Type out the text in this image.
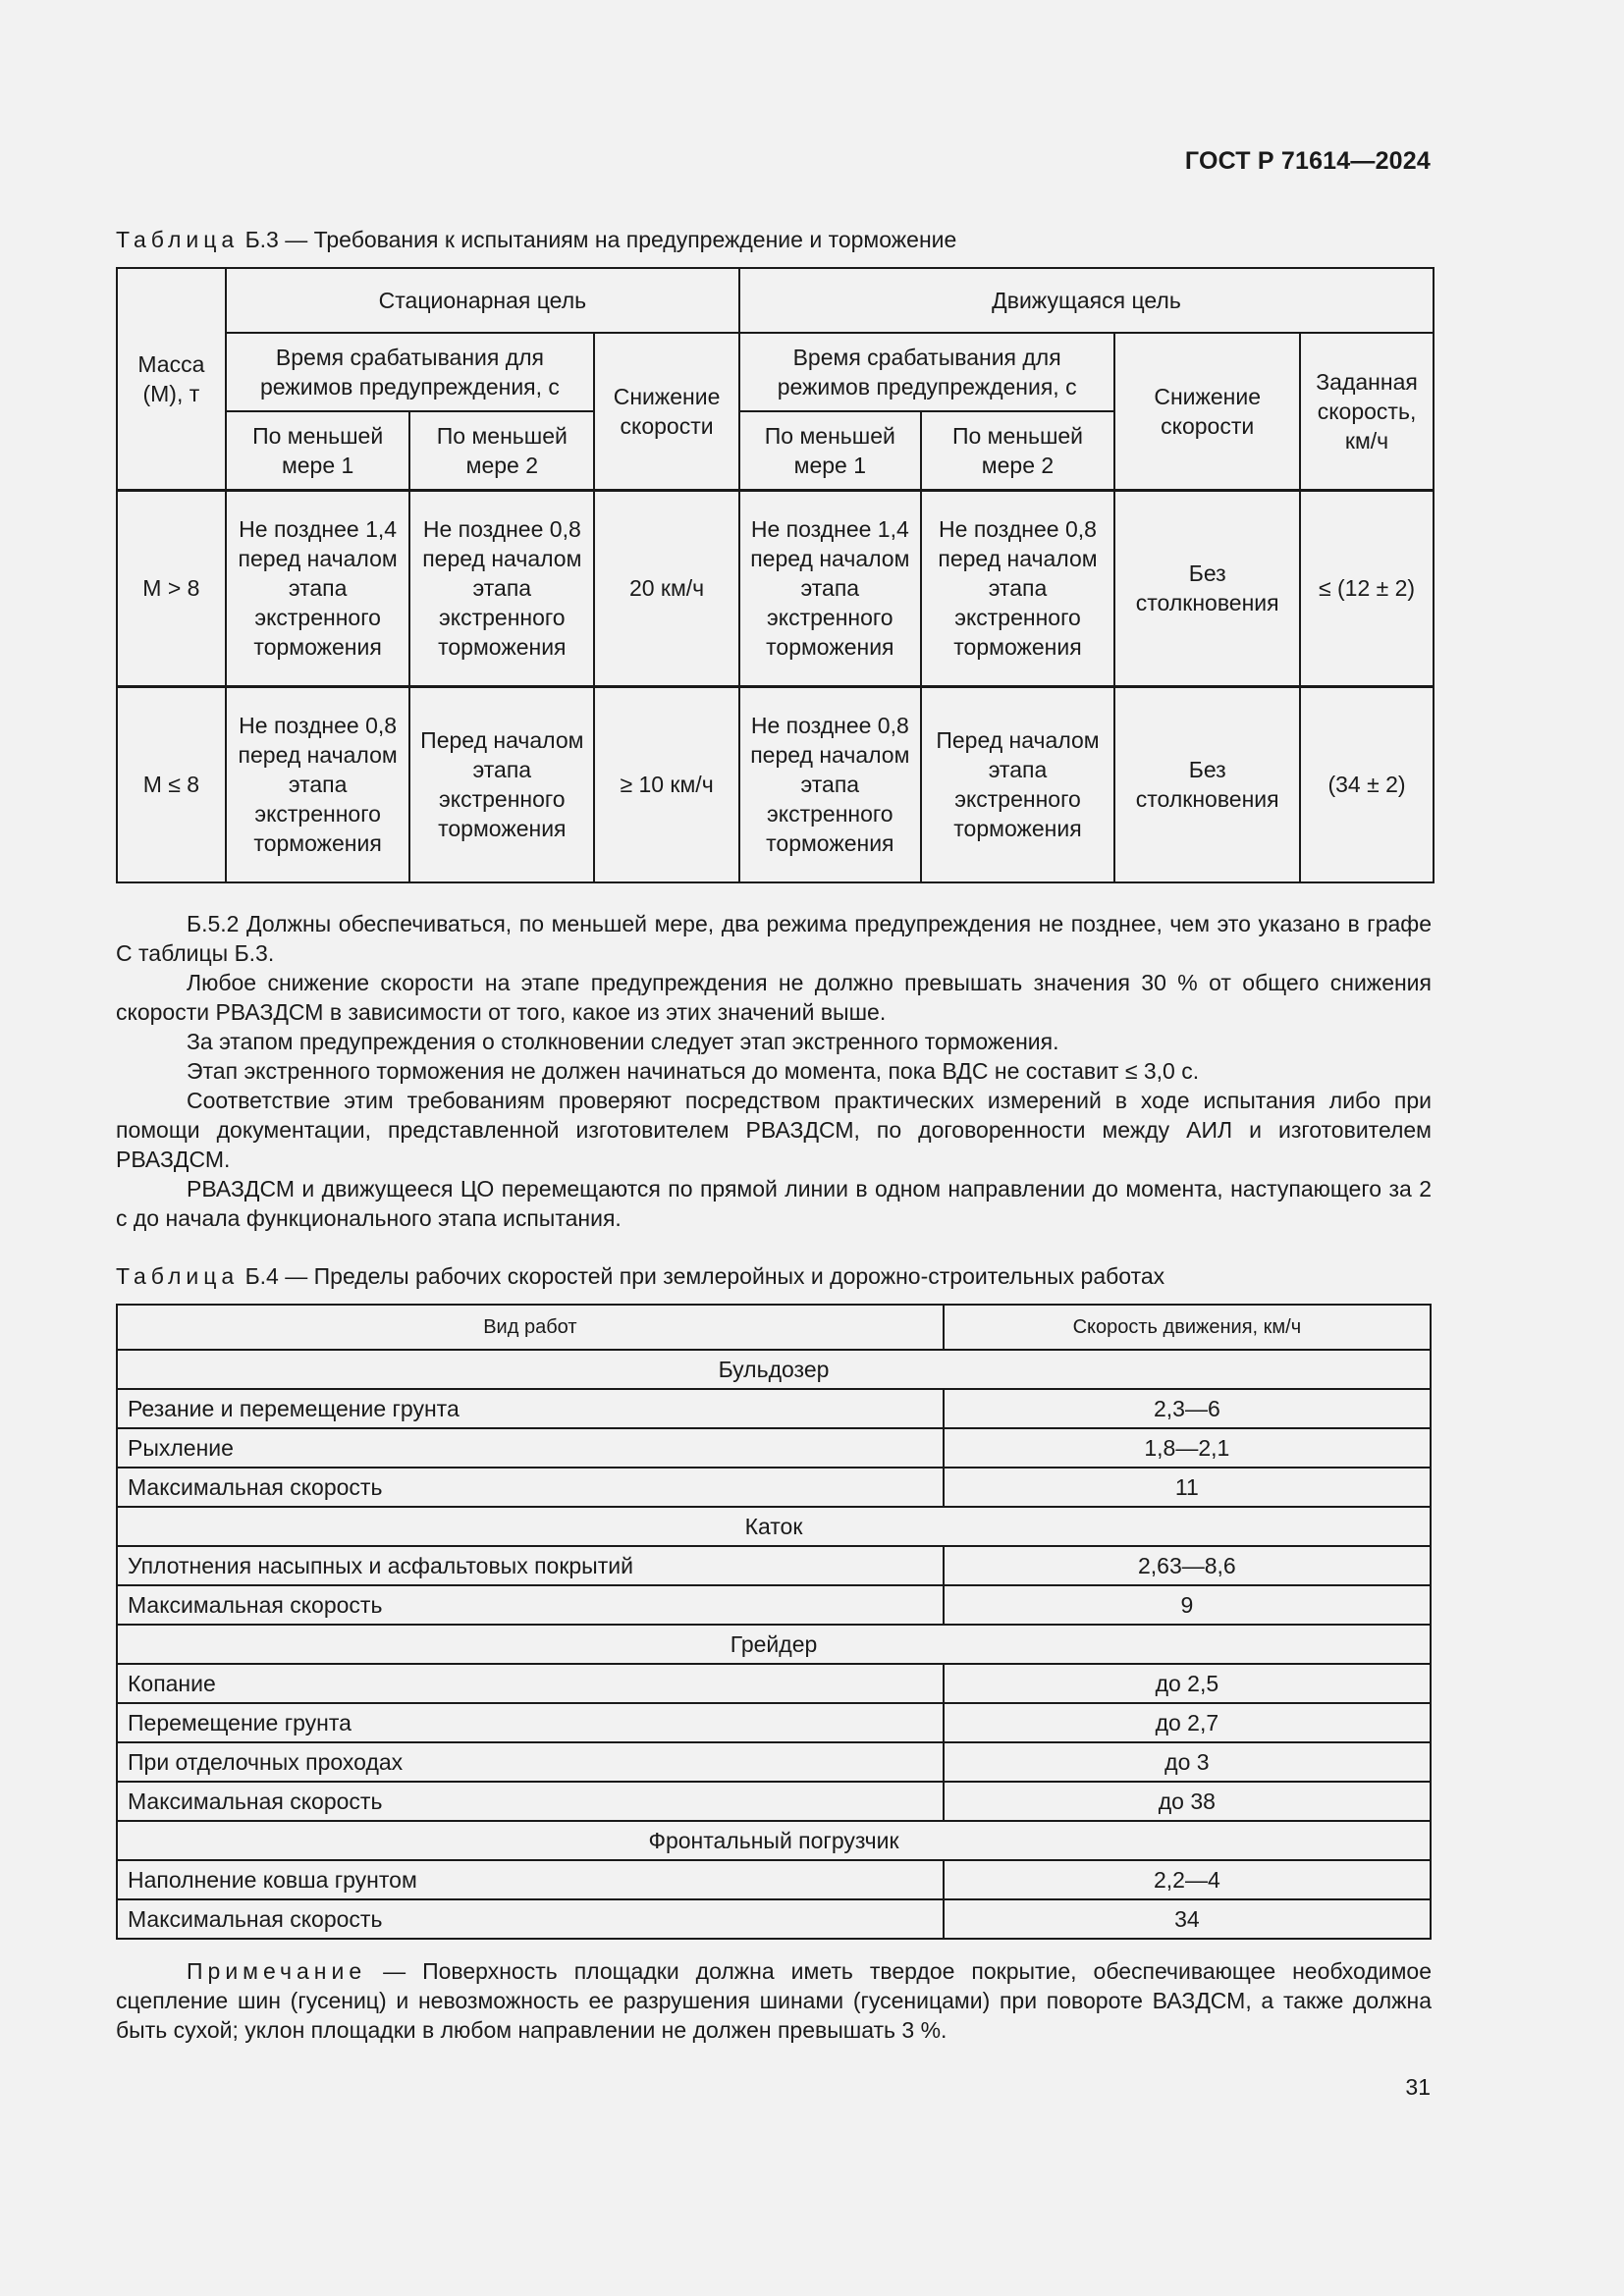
ГОСТ Р 71614—2024
Таблица Б.3 — Требования к испытаниям на предупреждение и торможение
Масса (М), т	Стационарная цель			Движущаяся цель			
	Время срабатывания для режимов предупреждения, с		Снижение скорости	Время срабатывания для режимов предупреждения, с		Снижение скорости	Заданная скорость, км/ч
	По меньшей мере 1	По меньшей мере 2		По меньшей мере 1	По меньшей мере 2		
M > 8	Не позднее 1,4 перед началом этапа экстренного торможения	Не позднее 0,8 перед началом этапа экстренного торможения	20 км/ч	Не позднее 1,4 перед началом этапа экстренного торможения	Не позднее 0,8 перед началом этапа экстренного торможения	Без столкновения	≤ (12 ± 2)
M ≤ 8	Не позднее 0,8 перед началом этапа экстренного торможения	Перед началом этапа экстренного торможения	≥ 10 км/ч	Не позднее 0,8 перед началом этапа экстренного торможения	Перед началом этапа экстренного торможения	Без столкновения	(34 ± 2)

Б.5.2 Должны обеспечиваться, по меньшей мере, два режима предупреждения не позднее, чем это указано в графе С таблицы Б.3.

Любое снижение скорости на этапе предупреждения не должно превышать значения 30 % от общего снижения скорости РВАЗДСМ в зависимости от того, какое из этих значений выше.

За этапом предупреждения о столкновении следует этап экстренного торможения.

Этап экстренного торможения не должен начинаться до момента, пока ВДС не составит ≤ 3,0 с.

Соответствие этим требованиям проверяют посредством практических измерений в ходе испытания либо при помощи документации, представленной изготовителем РВАЗДСМ, по договоренности между АИЛ и изготовителем РВАЗДСМ.

РВАЗДСМ и движущееся ЦО перемещаются по прямой линии в одном направлении до момента, наступающего за 2 с до начала функционального этапа испытания.

Таблица Б.4 — Пределы рабочих скоростей при землеройных и дорожно-строительных работах
Вид работ	Скорость движения, км/ч
Бульдозер	
Резание и перемещение грунта	2,3—6
Рыхление	1,8—2,1
Максимальная скорость	11
Каток	
Уплотнения насыпных и асфальтовых покрытий	2,63—8,6
Максимальная скорость	9
Грейдер	
Копание	до 2,5
Перемещение грунта	до 2,7
При отделочных проходах	до 3
Максимальная скорость	до 38
Фронтальный погрузчик	
Наполнение ковша грунтом	2,2—4
Максимальная скорость	34
Примечание — Поверхность площадки должна иметь твердое покрытие, обеспечивающее необходимое сцепление шин (гусениц) и невозможность ее разрушения шинами (гусеницами) при повороте ВАЗДСМ, а также должна быть сухой; уклон площадки в любом направлении не должен превышать 3 %.
31
